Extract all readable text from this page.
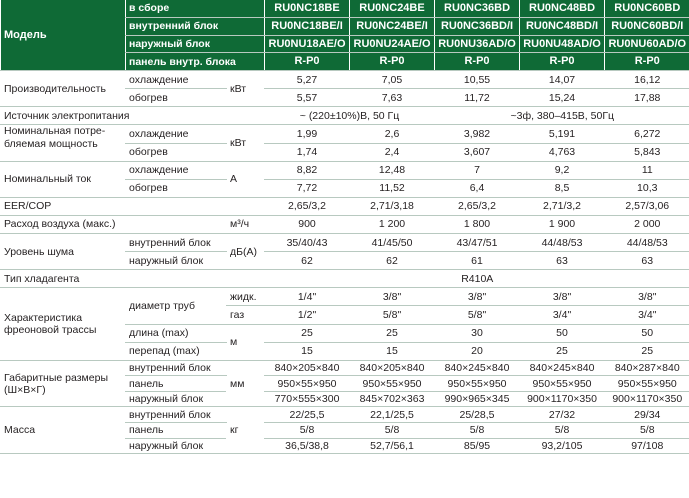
Модель	в сборе		RU0NC18BE	RU0NC24BE	RU0NC36BD	RU0NC48BD	RU0NC60BD
	внутренний блок		RU0NC18BE/I	RU0NC24BE/I	RU0NC36BD/I	RU0NC48BD/I	RU0NC60BD/I
	наружный блок		RU0NU18AE/O	RU0NU24AE/O	RU0NU36AD/O	RU0NU48AD/O	RU0NU60AD/O
	панель внутр. блока		R-P0	R-P0	R-P0	R-P0	R-P0
Производительность	охлаждение	кВт	5,27	7,05	10,55	14,07	16,12
	обогрев		5,57	7,63	11,72	15,24	17,88
Источник электропитания			~ (220±10%)В, 50 Гц		~3ф, 380–415В, 50Гц		

Номинальная потре-
бляемая мощность	охлаждение	кВт	1,99	2,6	3,982	5,191	6,272
	обогрев		1,74	2,4	3,607	4,763	5,843
Номинальный ток	охлаждение	А	8,82	12,48	7	9,2	11
	обогрев		7,72	11,52	6,4	8,5	10,3
EER/COP			2,65/3,2	2,71/3,18	2,65/3,2	2,71/3,2	2,57/3,06
Расход воздуха (макс.)		м³/ч	900	1 200	1 800	1 900	2 000
Уровень шума	внутренний блок	дБ(А)	35/40/43	41/45/50	43/47/51	44/48/53	44/48/53
	наружный блок		62	62	61	63	63
Тип хладагента			R410A				

Характеристика
фреоновой трассы	диаметр труб	жидк.	1/4"	3/8"	3/8"	3/8"	3/8"
		газ	1/2"	5/8"	5/8"	3/4"	3/4"
	длина (max)	м	25	25	30	50	50
	перепад (max)		15	15	20	25	25

Габаритные размеры
(Ш×В×Г)	внутренний блок	мм	840×205×840	840×205×840	840×245×840	840×245×840	840×287×840
	панель		950×55×950	950×55×950	950×55×950	950×55×950	950×55×950
	наружный блок		770×555×300	845×702×363	990×965×345	900×1170×350	900×1170×350
Масса	внутренний блок	кг	22/25,5	22,1/25,5	25/28,5	27/32	29/34
	панель		5/8	5/8	5/8	5/8	5/8
	наружный блок		36,5/38,8	52,7/56,1	85/95	93,2/105	97/108
